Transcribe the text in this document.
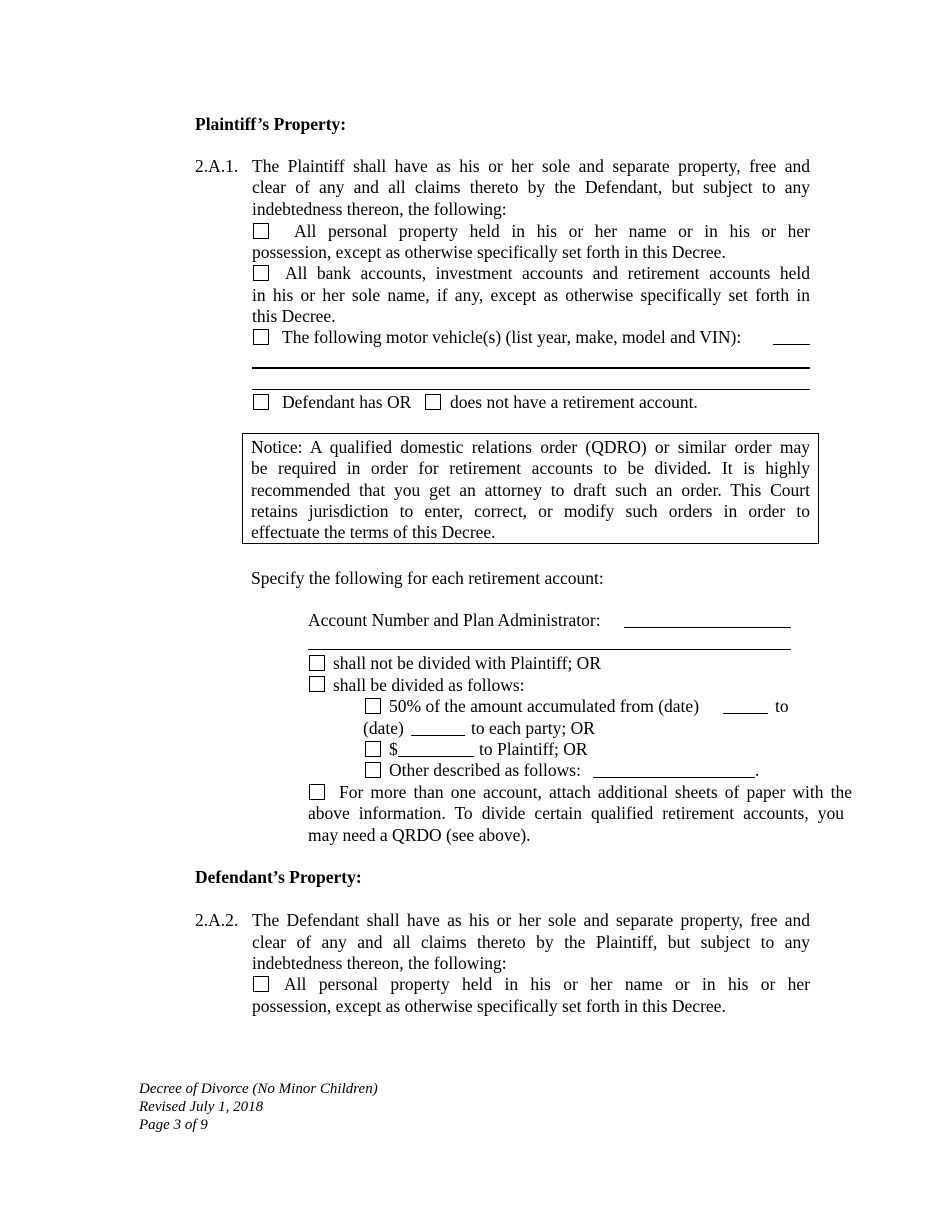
Plaintiff’s Property:

2.A.1. The Plaintiff shall have as his or her sole and separate property, free and

clear of any and all claims thereto by the Defendant, but subject to any

indebtedness thereon, the following:

All personal property held in his or her name or in his or her

possession, except as otherwise specifically set forth in this Decree.

All bank accounts, investment accounts and retirement accounts held

in his or her sole name, if any, except as otherwise specifically set forth in

this Decree.

The following motor vehicle(s) (list year, make, model and VIN):

Defendant has OR does not have a retirement account.

Notice: A qualified domestic relations order (QDRO) or similar order may

be required in order for retirement accounts to be divided. It is highly

recommended that you get an attorney to draft such an order. This Court

retains jurisdiction to enter, correct, or modify such orders in order to

effectuate the terms of this Decree.

Specify the following for each retirement account:

Account Number and Plan Administrator:

shall not be divided with Plaintiff; OR

shall be divided as follows:

50% of the amount accumulated from (date)	to

(date)	to each party; OR

$	to Plaintiff; OR

Other described as follows:	.

For more than one account, attach additional sheets of paper with the

above information. To divide certain qualified retirement accounts, you

may need a QRDO (see above).

Defendant’s Property:

2.A.2. The Defendant shall have as his or her sole and separate property, free and

clear of any and all claims thereto by the Plaintiff, but subject to any

indebtedness thereon, the following:

All personal property held in his or her name or in his or her

possession, except as otherwise specifically set forth in this Decree.

Decree of Divorce (No Minor Children)

Revised July 1, 2018

Page 3 of 9
